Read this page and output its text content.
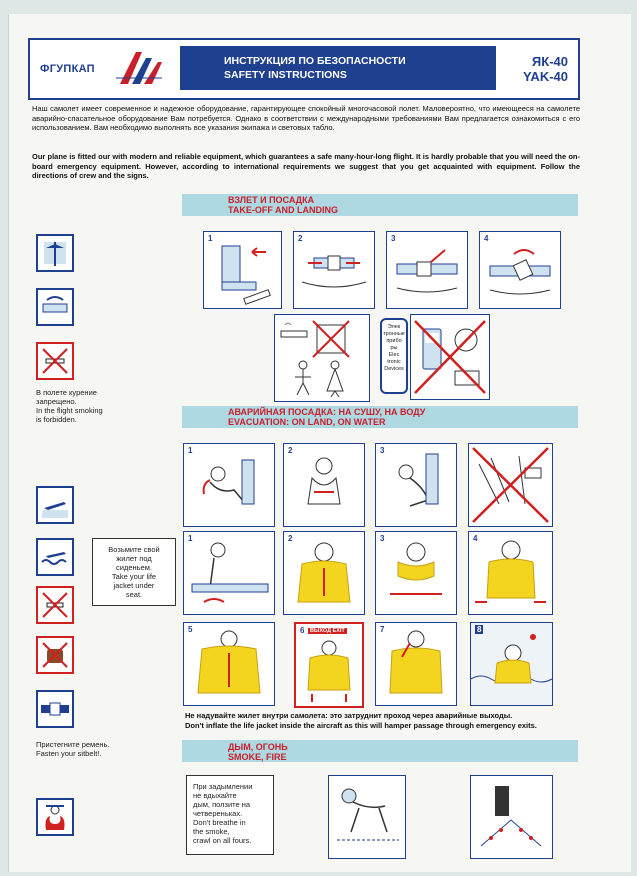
ФГУПКАП
ИНСТРУКЦИЯ ПО БЕЗОПАСНОСТИ
SAFETY INSTRUCTIONS
ЯК-40
YAK-40
Наш самолет имеет современное и надежное оборудование, гарантирующее спокойный многочасовой полет. Маловероятно, что имеющееся на самолете аварийно-спасательное оборудование Вам потребуется. Однако в соответствии с международными требованиями Вам предлагается ознакомиться с его использованием. Вам необходимо выполнять все указания экипажа и световых табло.
Our plane is fitted our with modern and reliable equipment, which guarantees a safe many-hour-long flight. It is hardly probable that you will need the on-board emergency equipment. However, according to international requirements we suggest that you get acquainted with equipment. Follow the directions of crew and the signs.
ВЗЛЕТ И ПОСАДКА
TAKE-OFF AND LANDING
В полете курение
запрещено.
In the flight smoking
is forbidden.
1	2	3	4
Элек
тронные
прибо
ры
Elec
tronic
Devices
АВАРИЙНАЯ ПОСАДКА: НА СУШУ, НА ВОДУ
EVACUATION: ON LAND, ON WATER
Пристегните ремень.
Fasten your sitbelt!.
Возьмите свой
жилет под
сиденьем.
Take your life
jacket under
seat.
1	2	3
1	2	3	4
5	6	ВЫХОД EXIT	7	8
Не надувайте жилет внутри самолета: это затруднит проход через аварийные выходы.
Don't inflate the life jacket inside the aircraft as this will hamper passage through emergency exits.
ДЫМ, ОГОНЬ
SMOKE, FIRE
При задымлении
не вдыхайте
дым, ползите на
четвереньках.
Don't breathe in
the smoke,
crawl on all fours.
